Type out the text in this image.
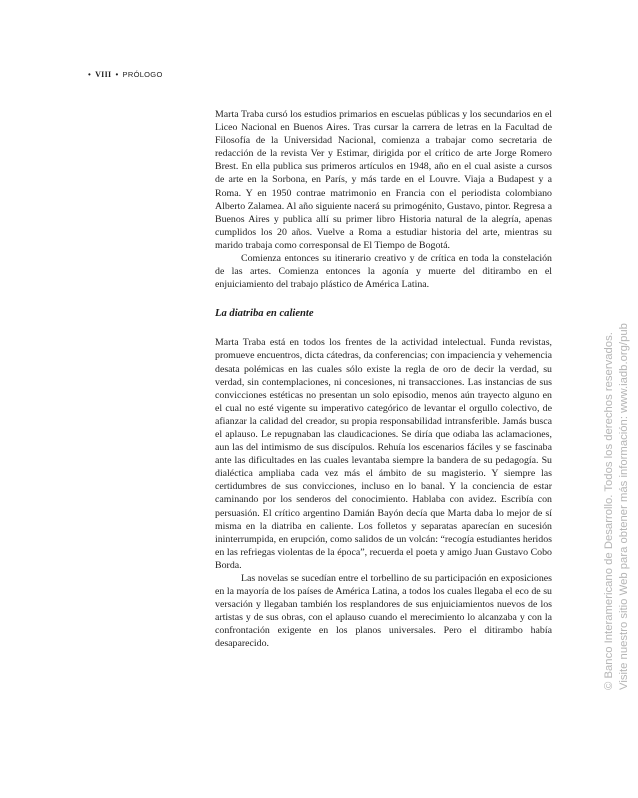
• VIII • PRÓLOGO

Marta Traba cursó los estudios primarios en escuelas públicas y los secundarios en el Liceo Nacional en Buenos Aires. Tras cursar la carrera de letras en la Facultad de Filosofía de la Universidad Nacional, comienza a trabajar como secretaria de redacción de la revista Ver y Estimar, dirigida por el crítico de arte Jorge Romero Brest. En ella publica sus primeros artículos en 1948, año en el cual asiste a cursos de arte en la Sorbona, en París, y más tarde en el Louvre. Viaja a Budapest y a Roma. Y en 1950 contrae matrimonio en Francia con el periodista colombiano Alberto Zalamea. Al año siguiente nacerá su primogénito, Gustavo, pintor. Regresa a Buenos Aires y publica allí su primer libro Historia natural de la alegría, apenas cumplidos los 20 años. Vuelve a Roma a estudiar historia del arte, mientras su marido trabaja como corresponsal de El Tiempo de Bogotá.

Comienza entonces su itinerario creativo y de crítica en toda la constelación de las artes. Comienza entonces la agonía y muerte del ditirambo en el enjuiciamiento del trabajo plástico de América Latina.

La diatriba en caliente

Marta Traba está en todos los frentes de la actividad intelectual. Funda revistas, promueve encuentros, dicta cátedras, da conferencias; con impaciencia y vehemencia desata polémicas en las cuales sólo existe la regla de oro de decir la verdad, su verdad, sin contemplaciones, ni concesiones, ni transacciones. Las instancias de sus convicciones estéticas no presentan un solo episodio, menos aún trayecto alguno en el cual no esté vigente su imperativo categórico de levantar el orgullo colectivo, de afianzar la calidad del creador, su propia responsabilidad intransferible. Jamás busca el aplauso. Le repugnaban las claudicaciones. Se diría que odiaba las aclamaciones, aun las del intimismo de sus discípulos. Rehuía los escenarios fáciles y se fascinaba ante las dificultades en las cuales levantaba siempre la bandera de su pedagogía. Su dialéctica ampliaba cada vez más el ámbito de su magisterio. Y siempre las certidumbres de sus convicciones, incluso en lo banal. Y la conciencia de estar caminando por los senderos del conocimiento. Hablaba con avidez. Escribía con persuasión. El crítico argentino Damián Bayón decía que Marta daba lo mejor de sí misma en la diatriba en caliente. Los folletos y separatas aparecían en sucesión ininterrumpida, en erupción, como salidos de un volcán: “recogía estudiantes heridos en las refriegas violentas de la época”, recuerda el poeta y amigo Juan Gustavo Cobo Borda.

Las novelas se sucedían entre el torbellino de su participación en exposiciones en la mayoría de los países de América Latina, a todos los cuales llegaba el eco de su versación y llegaban también los resplandores de sus enjuiciamientos nuevos de los artistas y de sus obras, con el aplauso cuando el merecimiento lo alcanzaba y con la confrontación exigente en los planos universales. Pero el ditirambo había desaparecido.	© Banco Interamericano de Desarrollo. Todos los derechos reservados. Visite nuestro sitio Web para obtener más información: www.iadb.org/pub
